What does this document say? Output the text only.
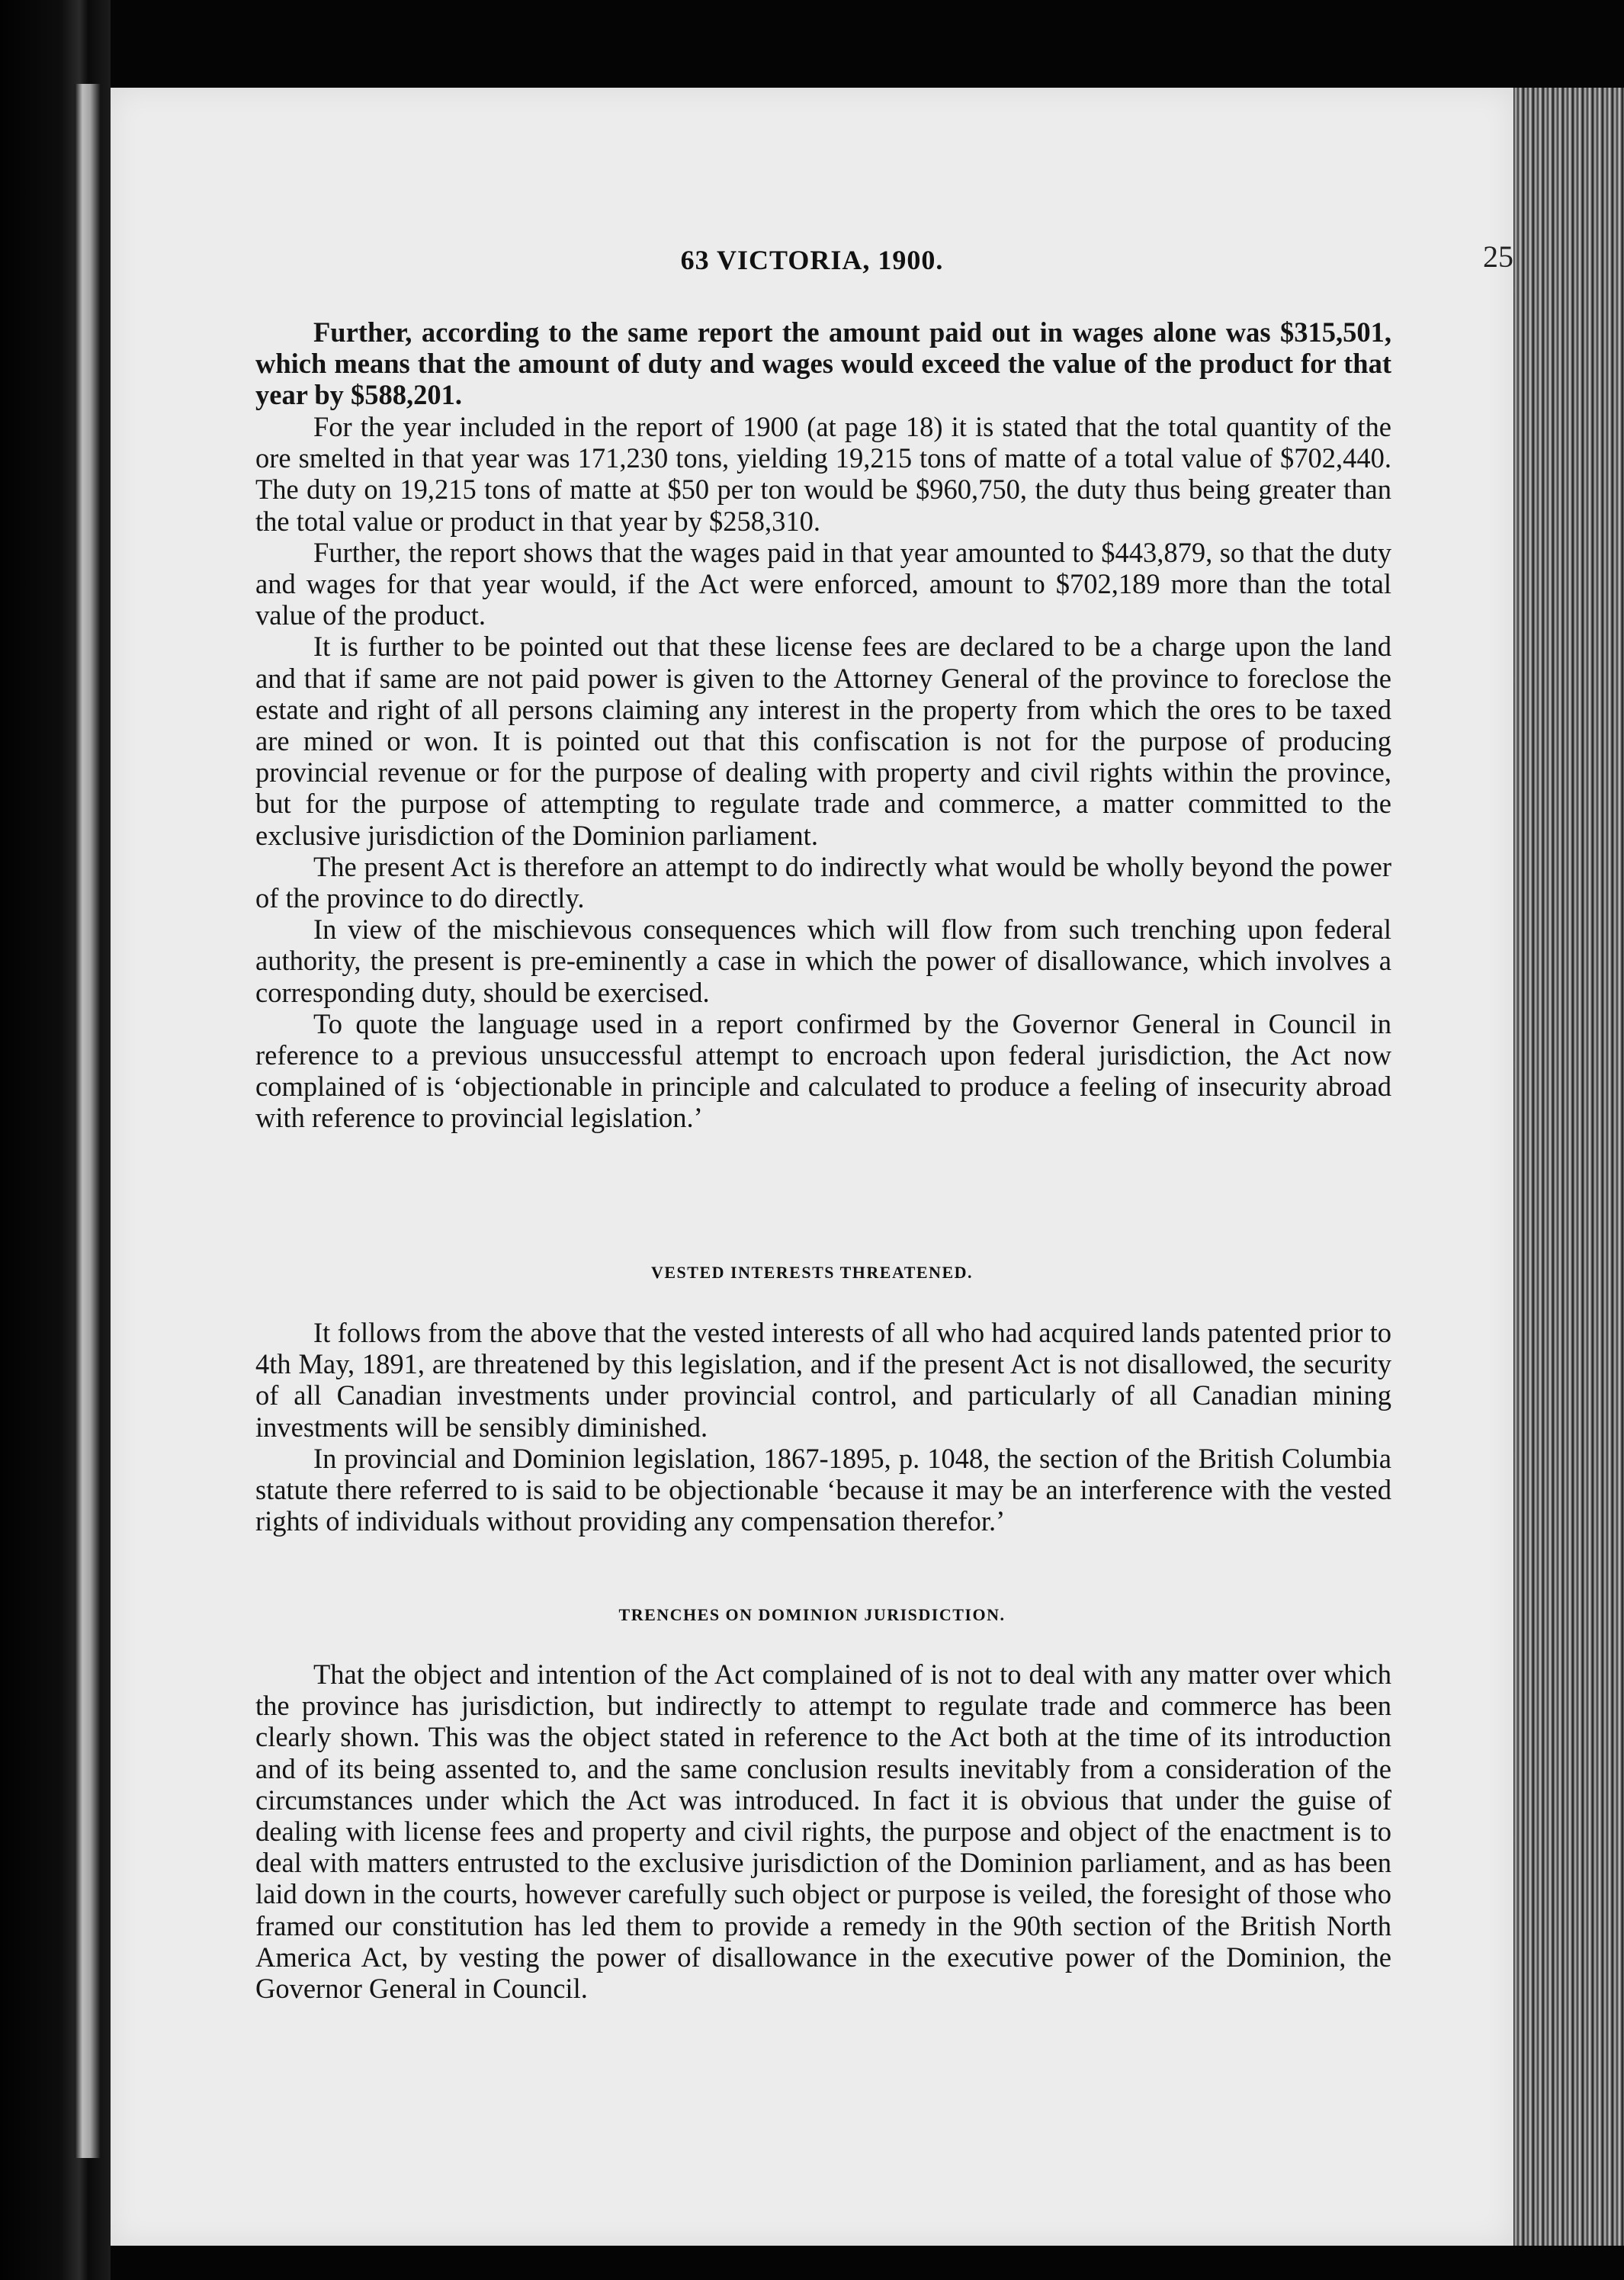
63 VICTORIA, 1900.	25

Further, according to the same report the amount paid out in wages alone was $315,501, which means that the amount of duty and wages would exceed the value of the product for that year by $588,201.

For the year included in the report of 1900 (at page 18) it is stated that the total quantity of the ore smelted in that year was 171,230 tons, yielding 19,215 tons of matte of a total value of $702,440. The duty on 19,215 tons of matte at $50 per ton would be $960,750, the duty thus being greater than the total value or product in that year by $258,310.

Further, the report shows that the wages paid in that year amounted to $443,879, so that the duty and wages for that year would, if the Act were enforced, amount to $702,189 more than the total value of the product.

It is further to be pointed out that these license fees are declared to be a charge upon the land and that if same are not paid power is given to the Attorney General of the province to foreclose the estate and right of all persons claiming any interest in the property from which the ores to be taxed are mined or won. It is pointed out that this confiscation is not for the purpose of producing provincial revenue or for the purpose of dealing with property and civil rights within the province, but for the purpose of attempting to regulate trade and commerce, a matter committed to the exclusive jurisdiction of the Dominion parliament.

The present Act is therefore an attempt to do indirectly what would be wholly beyond the power of the province to do directly.

In view of the mischievous consequences which will flow from such trenching upon federal authority, the present is pre-eminently a case in which the power of disallowance, which involves a corresponding duty, should be exercised.

To quote the language used in a report confirmed by the Governor General in Council in reference to a previous unsuccessful attempt to encroach upon federal jurisdiction, the Act now complained of is ‘objectionable in principle and calculated to produce a feeling of insecurity abroad with reference to provincial legislation.’

VESTED INTERESTS THREATENED.

It follows from the above that the vested interests of all who had acquired lands patented prior to 4th May, 1891, are threatened by this legislation, and if the present Act is not disallowed, the security of all Canadian investments under provincial control, and particularly of all Canadian mining investments will be sensibly diminished.

In provincial and Dominion legislation, 1867-1895, p. 1048, the section of the British Columbia statute there referred to is said to be objectionable ‘because it may be an interference with the vested rights of individuals without providing any compensation therefor.’

TRENCHES ON DOMINION JURISDICTION.

That the object and intention of the Act complained of is not to deal with any matter over which the province has jurisdiction, but indirectly to attempt to regulate trade and commerce has been clearly shown. This was the object stated in reference to the Act both at the time of its introduction and of its being assented to, and the same conclusion results inevitably from a consideration of the circumstances under which the Act was introduced. In fact it is obvious that under the guise of dealing with license fees and property and civil rights, the purpose and object of the enactment is to deal with matters entrusted to the exclusive jurisdiction of the Dominion parliament, and as has been laid down in the courts, however carefully such object or purpose is veiled, the foresight of those who framed our constitution has led them to provide a remedy in the 90th section of the British North America Act, by vesting the power of disallowance in the executive power of the Dominion, the Governor General in Council.
